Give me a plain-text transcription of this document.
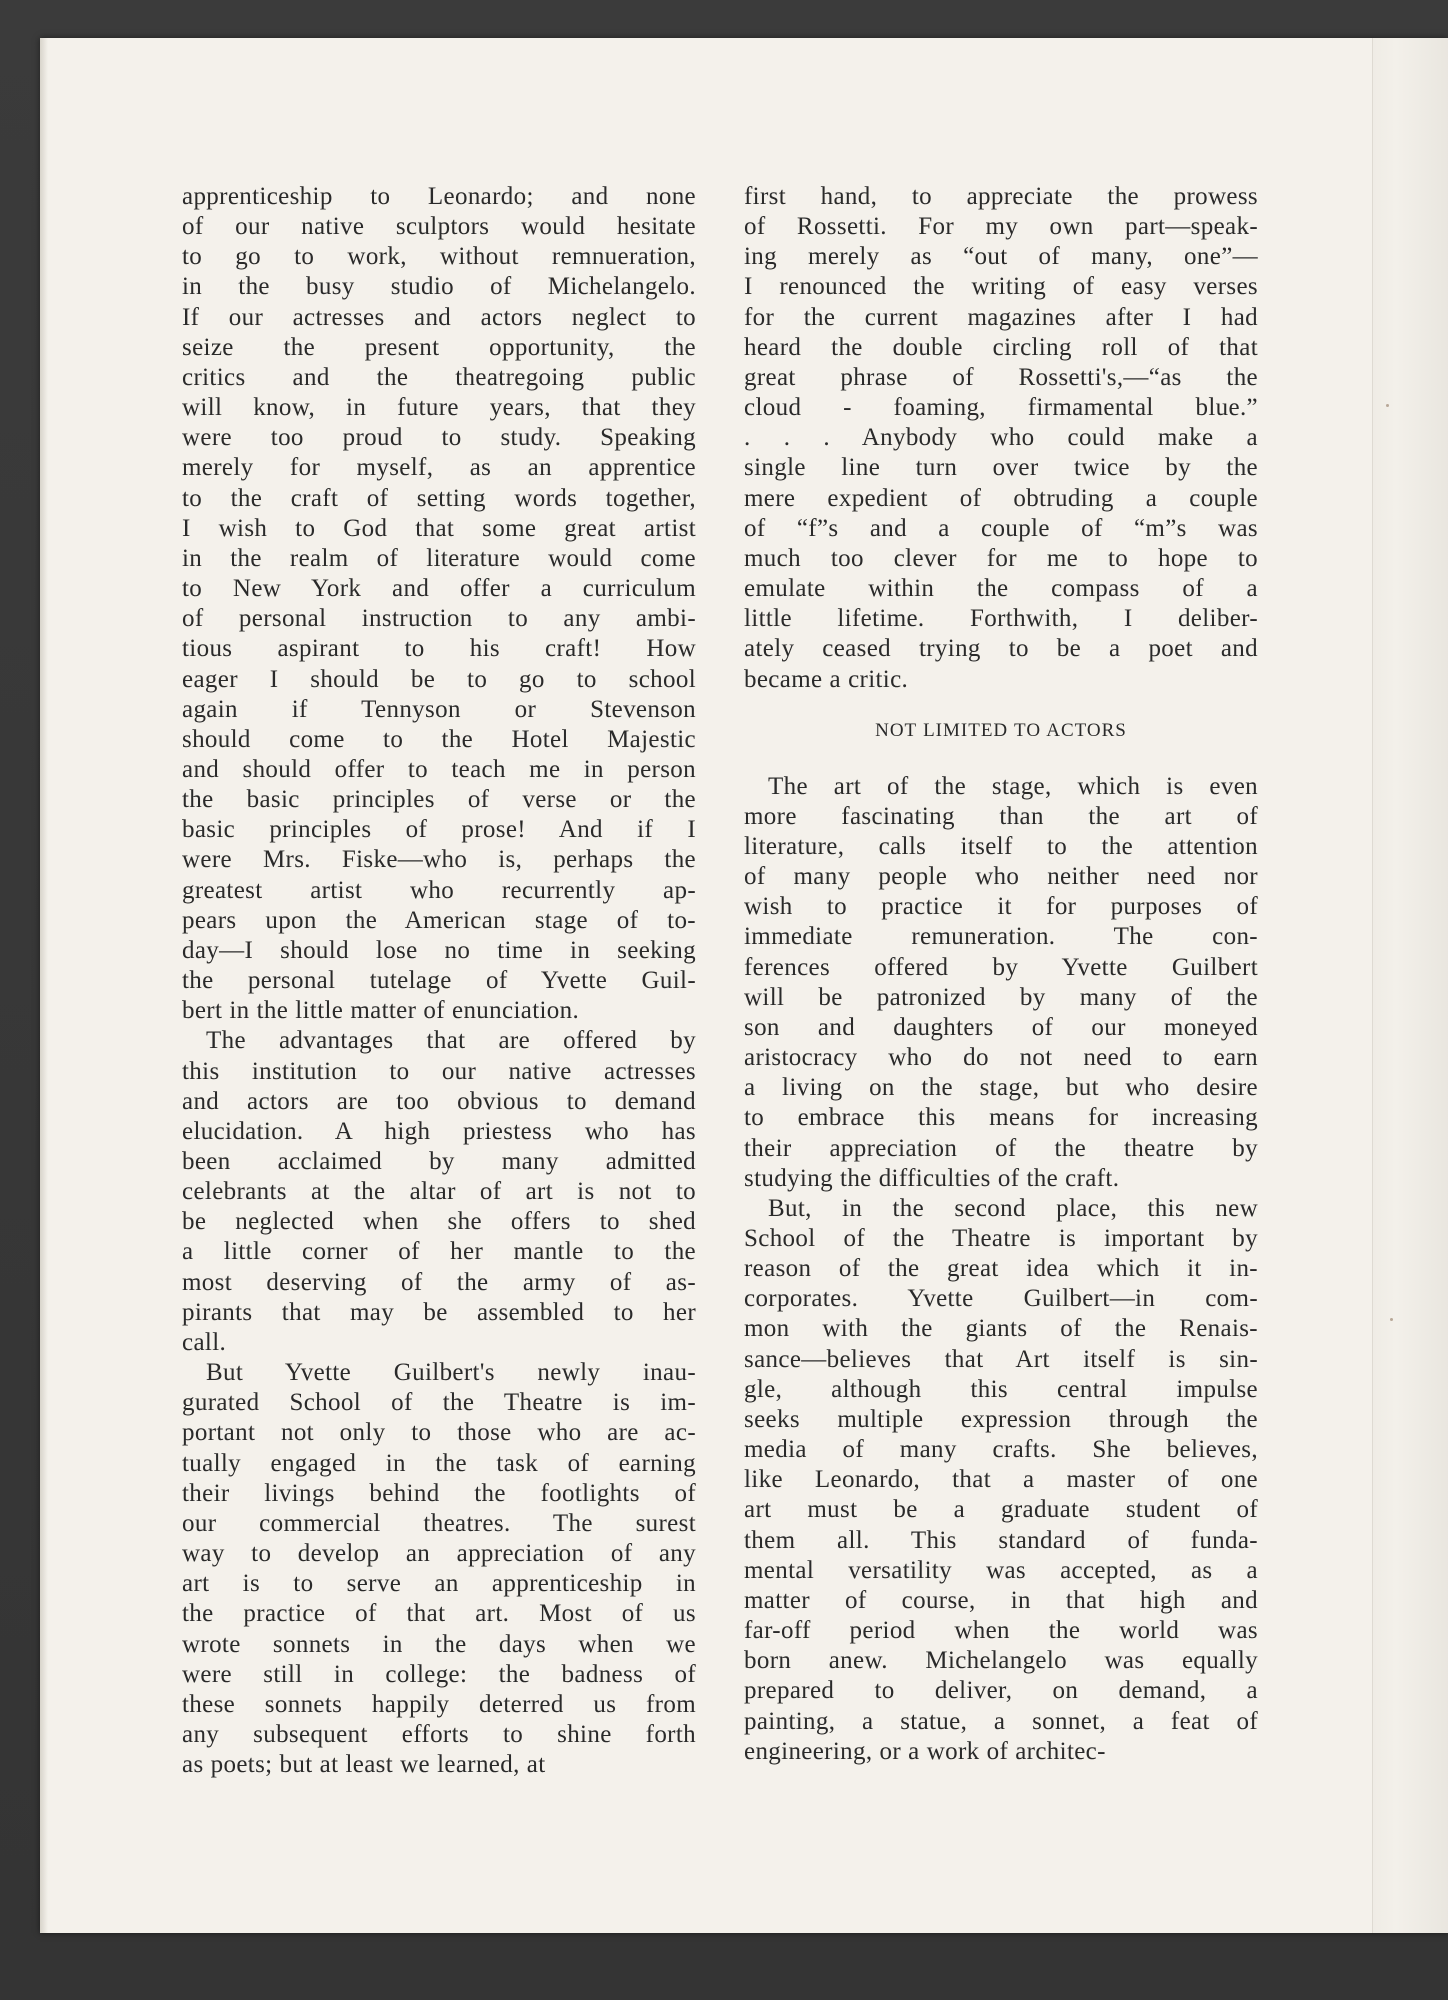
apprenticeship to Leonardo; and none
of our native sculptors would hesitate
to go to work, without remnueration,
in the busy studio of Michelangelo.
If our actresses and actors neglect to
seize the present opportunity, the
critics and the theatregoing public
will know, in future years, that they
were too proud to study. Speaking
merely for myself, as an apprentice
to the craft of setting words together,
I wish to God that some great artist
in the realm of literature would come
to New York and offer a curriculum
of personal instruction to any ambi-
tious aspirant to his craft! How
eager I should be to go to school
again if Tennyson or Stevenson
should come to the Hotel Majestic
and should offer to teach me in person
the basic principles of verse or the
basic principles of prose! And if I
were Mrs. Fiske—who is, perhaps the
greatest artist who recurrently ap-
pears upon the American stage of to-
day—I should lose no time in seeking
the personal tutelage of Yvette Guil-
bert in the little matter of enunciation.

The advantages that are offered by
this institution to our native actresses
and actors are too obvious to demand
elucidation. A high priestess who has
been acclaimed by many admitted
celebrants at the altar of art is not to
be neglected when she offers to shed
a little corner of her mantle to the
most deserving of the army of as-
pirants that may be assembled to her
call.

But Yvette Guilbert's newly inau-
gurated School of the Theatre is im-
portant not only to those who are ac-
tually engaged in the task of earning
their livings behind the footlights of
our commercial theatres. The surest
way to develop an appreciation of any
art is to serve an apprenticeship in
the practice of that art. Most of us
wrote sonnets in the days when we
were still in college: the badness of
these sonnets happily deterred us from
any subsequent efforts to shine forth
as poets; but at least we learned, at

first hand, to appreciate the prowess
of Rossetti. For my own part—speak-
ing merely as “out of many, one”—
I renounced the writing of easy verses
for the current magazines after I had
heard the double circling roll of that
great phrase of Rossetti's,—“as the
cloud - foaming, firmamental blue.”
. . . Anybody who could make a
single line turn over twice by the
mere expedient of obtruding a couple
of “f”s and a couple of “m”s was
much too clever for me to hope to
emulate within the compass of a
little lifetime. Forthwith, I deliber-
ately ceased trying to be a poet and
became a critic.

NOT LIMITED TO ACTORS

The art of the stage, which is even
more fascinating than the art of
literature, calls itself to the attention
of many people who neither need nor
wish to practice it for purposes of
immediate remuneration. The con-
ferences offered by Yvette Guilbert
will be patronized by many of the
son and daughters of our moneyed
aristocracy who do not need to earn
a living on the stage, but who desire
to embrace this means for increasing
their appreciation of the theatre by
studying the difficulties of the craft.

But, in the second place, this new
School of the Theatre is important by
reason of the great idea which it in-
corporates. Yvette Guilbert—in com-
mon with the giants of the Renais-
sance—believes that Art itself is sin-
gle, although this central impulse
seeks multiple expression through the
media of many crafts. She believes,
like Leonardo, that a master of one
art must be a graduate student of
them all. This standard of funda-
mental versatility was accepted, as a
matter of course, in that high and
far-off period when the world was
born anew. Michelangelo was equally
prepared to deliver, on demand, a
painting, a statue, a sonnet, a feat of
engineering, or a work of architec-
